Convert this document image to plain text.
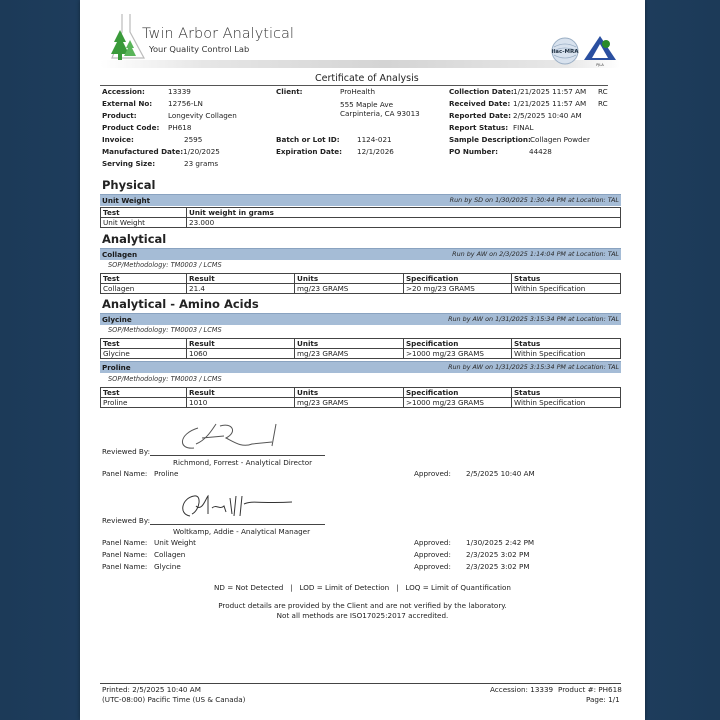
Twin Arbor Analytical
Your Quality Control Lab	ilac-MRA
PJLA
Certificate of Analysis
Accession:	13339
External No: 12756-LN
Product:	Longevity Collagen
Product Code: PH618
Invoice:	2595
Manufactured Date: 1/20/2025
Serving Size:	23 grams
Client:	ProHealth
555 Maple Ave
Carpinteria, CA 93013
Batch or Lot ID: 1124-021
Expiration Date: 12/1/2026
Collection Date: 1/21/2025 11:57 AM RC
Received Date: 1/21/2025 11:57 AM RC
Reported Date: 2/5/2025 10:40 AM
Report Status: FINAL
Sample Description: Collagen Powder
PO Number:	44428
Physical
Unit Weight	Run by SD on 1/30/2025 1:30:44 PM at Location: TAL
Test	Unit weight in grams
Unit Weight	23.000
Analytical
Collagen	Run by AW on 2/3/2025 1:14:04 PM at Location: TAL
SOP/Methodology: TM0003 / LCMS
Test	Result	Units	Specification	Status
Collagen	21.4	mg/23 GRAMS	>20 mg/23 GRAMS	Within Specification
Analytical - Amino Acids
Glycine	Run by AW on 1/31/2025 3:15:34 PM at Location: TAL
SOP/Methodology: TM0003 / LCMS
Test	Result	Units	Specification	Status
Glycine	1060	mg/23 GRAMS	>1000 mg/23 GRAMS	Within Specification
Proline	Run by AW on 1/31/2025 3:15:34 PM at Location: TAL
SOP/Methodology: TM0003 / LCMS
Test	Result	Units	Specification	Status
Proline	1010	mg/23 GRAMS	>1000 mg/23 GRAMS	Within Specification
Reviewed By:
Richmond, Forrest - Analytical Director
Panel Name: Proline	Approved: 2/5/2025 10:40 AM
Reviewed By:
Woltkamp, Addie - Analytical Manager
Panel Name: Unit Weight	Approved: 1/30/2025 2:42 PM
Panel Name: Collagen	Approved: 2/3/2025 3:02 PM
Panel Name: Glycine	Approved: 2/3/2025 3:02 PM
ND = Not Detected   |   LOD = Limit of Detection   |   LOQ = Limit of Quantification
Product details are provided by the Client and are not verified by the laboratory.
Not all methods are ISO17025:2017 accredited.
Printed: 2/5/2025 10:40 AM
(UTC-08:00) Pacific Time (US & Canada)
Accession: 13339 Product #: PH618
Page: 1/1
